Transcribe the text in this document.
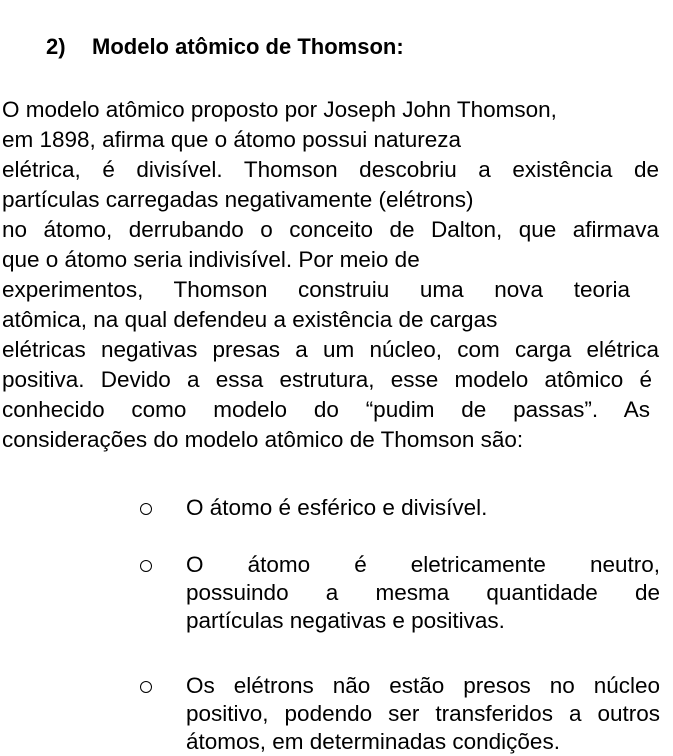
2) Modelo atômico de Thomson:
O modelo atômico proposto por Joseph John Thomson,
em 1898, afirma que o átomo possui natureza
elétrica, é divisível. Thomson descobriu a existência de
partículas carregadas negativamente (elétrons)
no átomo, derrubando o conceito de Dalton, que afirmava
que o átomo seria indivisível. Por meio de
experimentos, Thomson construiu uma nova teoria
atômica, na qual defendeu a existência de cargas
elétricas negativas presas a um núcleo, com carga elétrica
positiva. Devido a essa estrutura, esse modelo atômico é
conhecido como modelo do “pudim de passas”. As
considerações do modelo atômico de Thomson são:
O átomo é esférico e divisível.
O átomo é eletricamente neutro,
possuindo a mesma quantidade de
partículas negativas e positivas.
Os elétrons não estão presos no núcleo
positivo, podendo ser transferidos a outros
átomos, em determinadas condições.
